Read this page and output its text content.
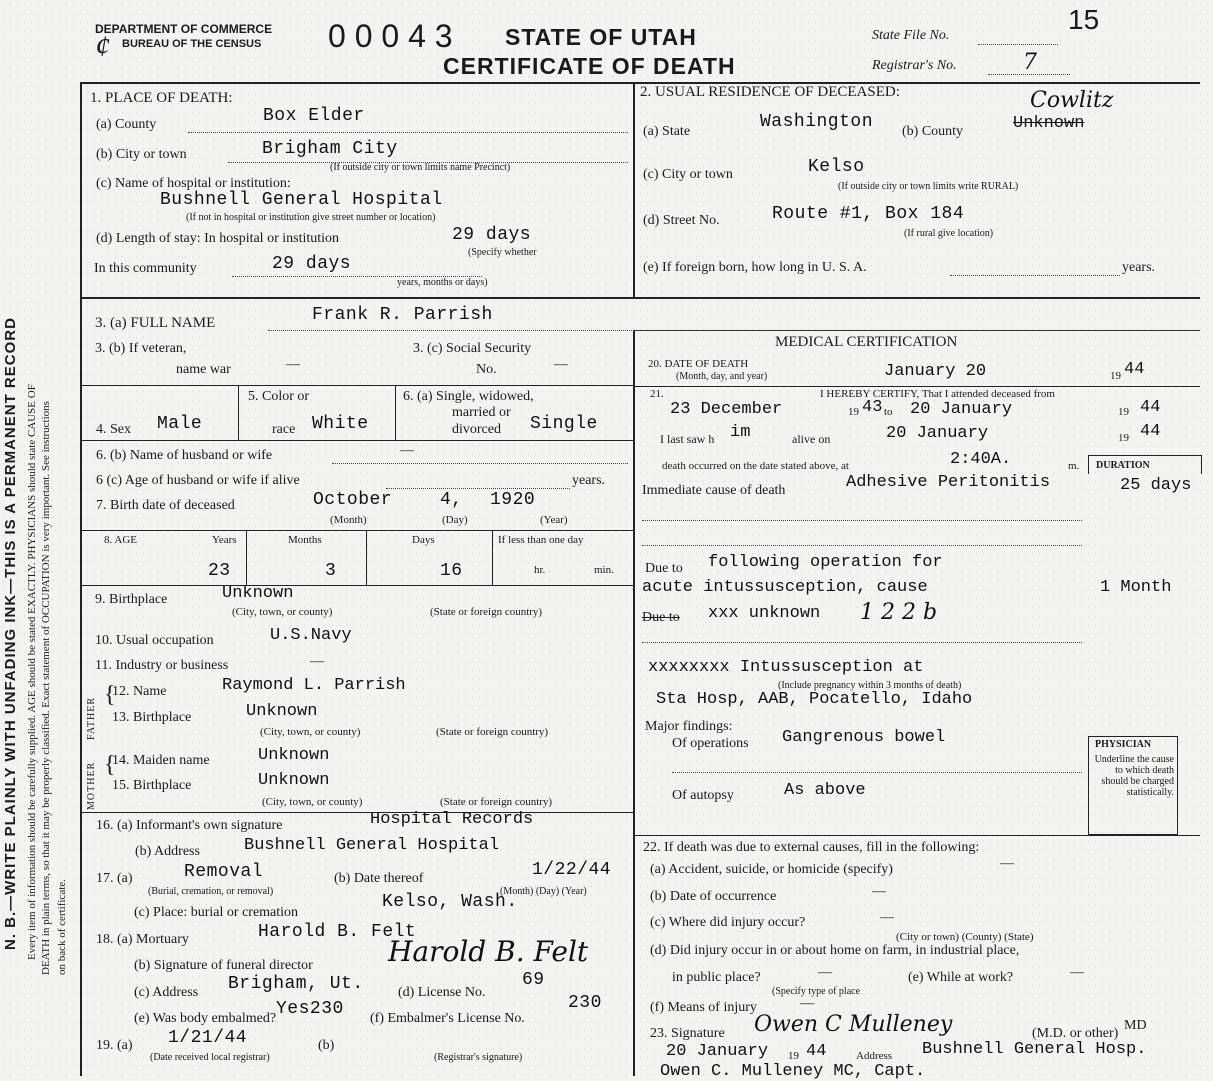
N. B.—WRITE PLAINLY WITH UNFADING INK—THIS IS A PERMANENT RECORD Every item of information should be carefully supplied. AGE should be stated EXACTLY. PHYSICIANS should state CAUSE OF DEATH in plain terms, so that it may be properly classified. Exact statement of OCCUPATION is very important. See instructions on back of certificate.
DEPARTMENT OF COMMERCE
BUREAU OF THE CENSUS
¢	0 0 0 4 3 STATE OF UTAH
CERTIFICATE OF DEATH
State File No.
15
Registrar's No.	7
1. PLACE OF DEATH:
(a) County	Box Elder
(b) City or town	Brigham City
(If outside city or town limits name Precinct)
(c) Name of hospital or institution:
Bushnell General Hospital
(If not in hospital or institution give street number or location)
(d) Length of stay: In hospital or institution	29 days
(Specify whether
In this community	29 days
years, months or days)
2. USUAL RESIDENCE OF DECEASED:
(a) State	Washington (b) County	Unknown
Cowlitz
(c) City or town	Kelso
(If outside city or town limits write RURAL)
(d) Street No.	Route #1, Box 184
(If rural give location)
(e) If foreign born, how long in U. S. A.	years.
3. (a) FULL NAME	Frank R. Parrish
3. (b) If veteran,
name war	—
3. (c) Social Security
No.	—
4. Sex Male
5. Color or
race White
6. (a) Single, widowed,
married or
divorced Single
6. (b) Name of husband or wife	—
6 (c) Age of husband or wife if alive	years.
7. Birth date of deceased	October	4, 1920
(Month)	(Day)	(Year)
8. AGE	Years	Months	Days	If less than one day
23	3	16	hr.	min.
9. Birthplace	Unknown
(City, town, or county)	(State or foreign country)
10. Usual occupation	U.S.Navy
11. Industry or business	—
FATHER
MOTHER
{
{
12. Name	Raymond L. Parrish
13. Birthplace	Unknown
(City, town, or county)	(State or foreign country)
14. Maiden name	Unknown
15. Birthplace	Unknown
(City, town, or county)	(State or foreign country)
16. (a) Informant's own signature	Hospital Records
(b) Address	Bushnell General Hospital
17. (a)	Removal
(Burial, cremation, or removal)
(b) Date thereof	1/22/44
(Month) (Day) (Year)
(c) Place: burial or cremation
Kelso, Wash.
18. (a) Mortuary	Harold B. Felt
(b) Signature of funeral director	Harold B. Felt
(c) Address Brigham, Ut. (d) License No.
69
(e) Was body embalmed? Yes230 (f) Embalmer's License No.
230
19. (a) 1/21/44
(Date received local registrar)
(b)
(Registrar's signature)
MEDICAL CERTIFICATION
20. DATE OF DEATH
(Month, day, and year)	January 20	19 44
21.	I HEREBY CERTIFY, That I attended deceased from
23 December	19 43 to 20 January	19 44
I last saw h im	alive on	20 January	19 44
death occurred on the date stated above, at	2:40A.	m. DURATION
Immediate cause of death	Adhesive Peritonitis	25 days
Due to following operation for
acute intussusception, cause	1 Month
Due to xxx unknown 1 2 2 b
xxxxxxxx Intussusception at
(Include pregnancy within 3 months of death)
Sta Hosp, AAB, Pocatello, Idaho
Major findings:
Of operations Gangrenous bowel
Of autopsy	As above
PHYSICIAN
Underline the cause to which death should be charged statistically.
22. If death was due to external causes, fill in the following:
(a) Accident, suicide, or homicide (specify)	—
(b) Date of occurrence	—
(c) Where did injury occur?	—
(City or town) (County) (State)
(d) Did injury occur in or about home on farm, in industrial place,
in public place?	—
(Specify type of place
(e) While at work?	—
(f) Means of injury	—
23. Signature Owen C Mulleney	(M.D. or other)
MD
20 January 19 44	Address Bushnell General Hosp.
Owen C. Mulleney MC, Capt.
